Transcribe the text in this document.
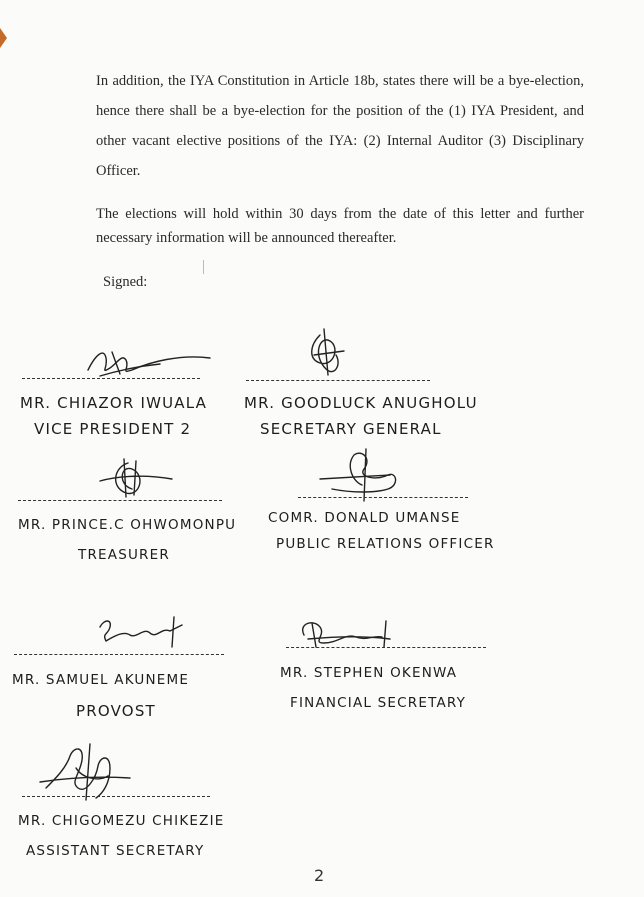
In addition, the IYA Constitution in Article 18b, states there will be a bye-election, hence there shall be a bye-election for the position of the (1) IYA President, and other vacant elective positions of the IYA: (2) Internal Auditor (3) Disciplinary Officer.
The elections will hold within 30 days from the date of this letter and further necessary information will be announced thereafter.
Signed:
MR. CHIAZOR IWUALA
VICE PRESIDENT 2
MR. GOODLUCK ANUGHOLU
SECRETARY GENERAL
MR. PRINCE.C OHWOMONPU
TREASURER
COMR. DONALD UMANSE
PUBLIC RELATIONS OFFICER
MR. SAMUEL AKUNEME
PROVOST
MR. STEPHEN OKENWA
FINANCIAL SECRETARY
MR. CHIGOMEZU CHIKEZIE
ASSISTANT SECRETARY
2
